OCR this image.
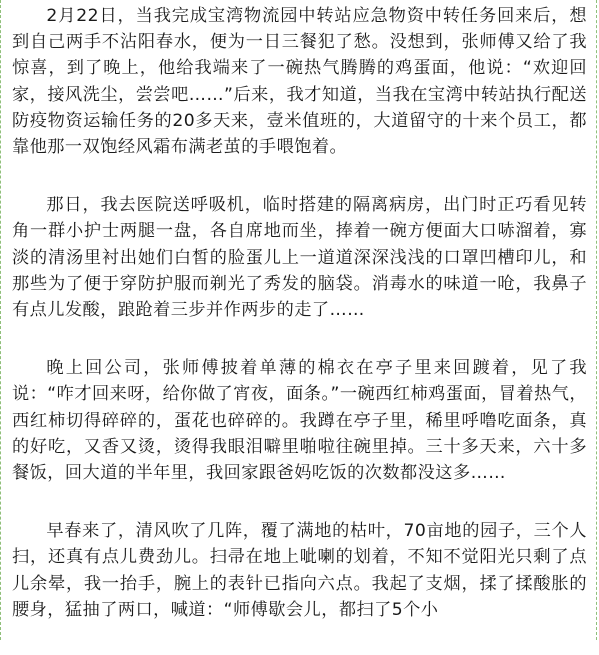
2月22日，当我完成宝湾物流园中转站应急物资中转任务回来后，想到自己两手不沾阳春水，便为一日三餐犯了愁。没想到，张师傅又给了我惊喜，到了晚上，他给我端来了一碗热气腾腾的鸡蛋面，他说：“欢迎回家，接风洗尘，尝尝吧……”后来，我才知道，当我在宝湾中转站执行配送防疫物资运输任务的20多天来，壹米值班的，大道留守的十来个员工，都靠他那一双饱经风霜布满老茧的手喂饱着。

那日，我去医院送呼吸机，临时搭建的隔离病房，出门时正巧看见转角一群小护士两腿一盘，各自席地而坐，捧着一碗方便面大口哧溜着，寡淡的清汤里衬出她们白皙的脸蛋儿上一道道深深浅浅的口罩凹槽印儿，和那些为了便于穿防护服而剃光了秀发的脑袋。消毒水的味道一呛，我鼻子有点儿发酸，踉跄着三步并作两步的走了……

晚上回公司，张师傅披着单薄的棉衣在亭子里来回踱着，见了我说：“咋才回来呀，给你做了宵夜，面条。”一碗西红柿鸡蛋面，冒着热气，西红柿切得碎碎的，蛋花也碎碎的。我蹲在亭子里，稀里呼噜吃面条，真的好吃，又香又烫，烫得我眼泪噼里啪啦往碗里掉。三十多天来，六十多餐饭，回大道的半年里，我回家跟爸妈吃饭的次数都没这多……

早春来了，清风吹了几阵，覆了满地的枯叶，70亩地的园子，三个人扫，还真有点儿费劲儿。扫帚在地上呲喇的划着，不知不觉阳光只剩了点儿余晕，我一抬手，腕上的表针已指向六点。我起了支烟，揉了揉酸胀的腰身，猛抽了两口，喊道：“师傅歇会儿，都扫了5个小
